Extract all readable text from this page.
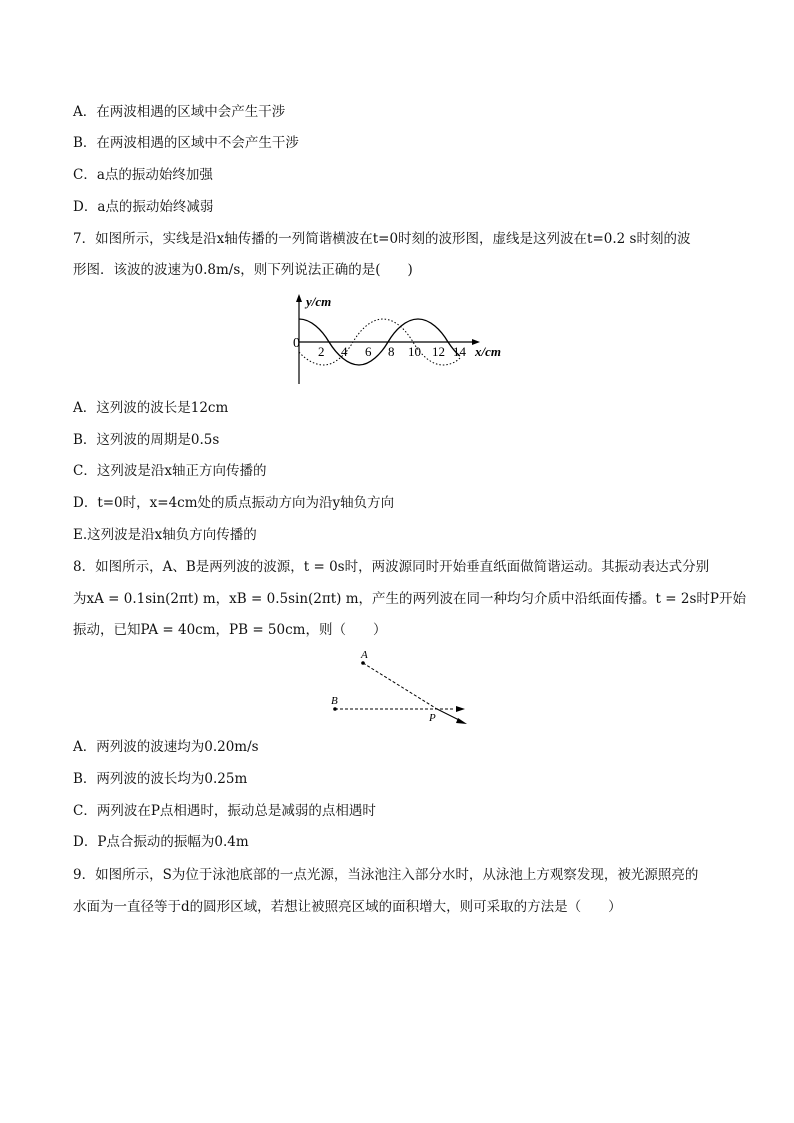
A．在两波相遇的区域中会产生干涉
B．在两波相遇的区域中不会产生干涉
C．a点的振动始终加强
D．a点的振动始终减弱
7．如图所示，实线是沿x轴传播的一列简谐横波在t=0时刻的波形图，虚线是这列波在t=0.2 s时刻的波
形图．该波的波速为0.8m/s，则下列说法正确的是(　　)
0
2 4 6 8 10 12 14
y/cm
x/cm
A．这列波的波长是12cm
B．这列波的周期是0.5s
C．这列波是沿x轴正方向传播的
D．t=0时，x=4cm处的质点振动方向为沿y轴负方向
E.这列波是沿x轴负方向传播的
8．如图所示，A、B是两列波的波源，t = 0s时，两波源同时开始垂直纸面做简谐运动。其振动表达式分别
为xA = 0.1sin(2πt) m，xB = 0.5sin(2πt) m，产生的两列波在同一种均匀介质中沿纸面传播。t = 2s时P开始
振动，已知PA = 40cm，PB = 50cm，则（　　）
A
B
P
A．两列波的波速均为0.20m/s
B．两列波的波长均为0.25m
C．两列波在P点相遇时，振动总是减弱的点相遇时
D．P点合振动的振幅为0.4m
9．如图所示，S为位于泳池底部的一点光源，当泳池注入部分水时，从泳池上方观察发现，被光源照亮的
水面为一直径等于d的圆形区域，若想让被照亮区域的面积增大，则可采取的方法是（　　）
